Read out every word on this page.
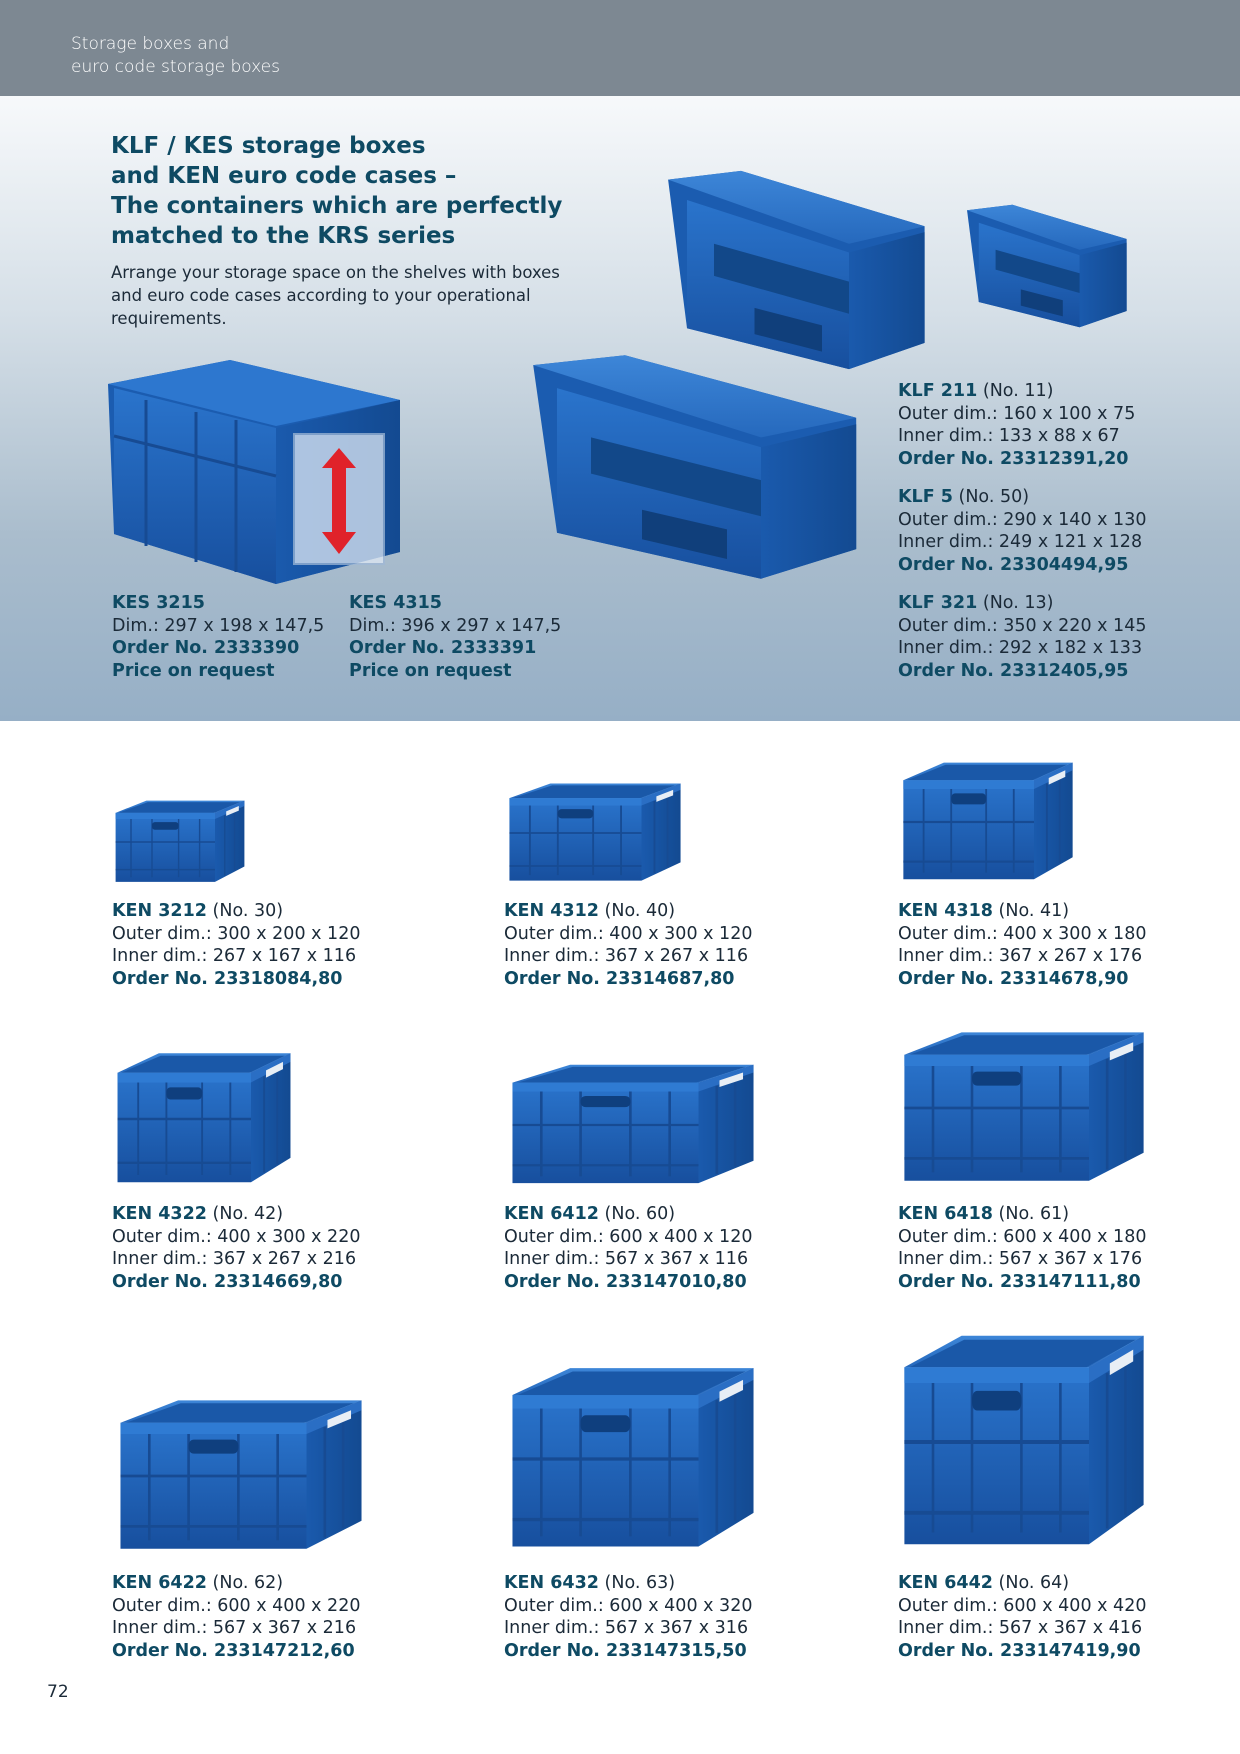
Storage boxes and
euro code storage boxes
KLF / KES storage boxes
and KEN euro code cases –
The containers which are perfectly
matched to the KRS series
Arrange your storage space on the shelves with boxes
and euro code cases according to your operational
requirements.
KES 3215
Dim.: 297 x 198 x 147,5
Order No. 2333390
Price on request
KES 4315
Dim.: 396 x 297 x 147,5
Order No. 2333391
Price on request
KLF 211 (No. 11)
Outer dim.: 160 x 100 x 75
Inner dim.: 133 x 88 x 67
Order No. 2331239 1,20
KLF 5 (No. 50)
Outer dim.: 290 x 140 x 130
Inner dim.: 249 x 121 x 128
Order No. 2330449 4,95
KLF 321 (No. 13)
Outer dim.: 350 x 220 x 145
Inner dim.: 292 x 182 x 133
Order No. 2331240 5,95
KEN 3212 (No. 30)
Outer dim.: 300 x 200 x 120
Inner dim.: 267 x 167 x 116
Order No. 2331808 4,80
KEN 4312 (No. 40)
Outer dim.: 400 x 300 x 120
Inner dim.: 367 x 267 x 116
Order No. 2331468 7,80
KEN 4318 (No. 41)
Outer dim.: 400 x 300 x 180
Inner dim.: 367 x 267 x 176
Order No. 2331467 8,90
KEN 4322 (No. 42)
Outer dim.: 400 x 300 x 220
Inner dim.: 367 x 267 x 216
Order No. 2331466 9,80
KEN 6412 (No. 60)
Outer dim.: 600 x 400 x 120
Inner dim.: 567 x 367 x 116
Order No. 2331470 10,80
KEN 6418 (No. 61)
Outer dim.: 600 x 400 x 180
Inner dim.: 567 x 367 x 176
Order No. 2331471 11,80
KEN 6422 (No. 62)
Outer dim.: 600 x 400 x 220
Inner dim.: 567 x 367 x 216
Order No. 2331472 12,60
KEN 6432 (No. 63)
Outer dim.: 600 x 400 x 320
Inner dim.: 567 x 367 x 316
Order No. 2331473 15,50
KEN 6442 (No. 64)
Outer dim.: 600 x 400 x 420
Inner dim.: 567 x 367 x 416
Order No. 2331474 19,90
72
